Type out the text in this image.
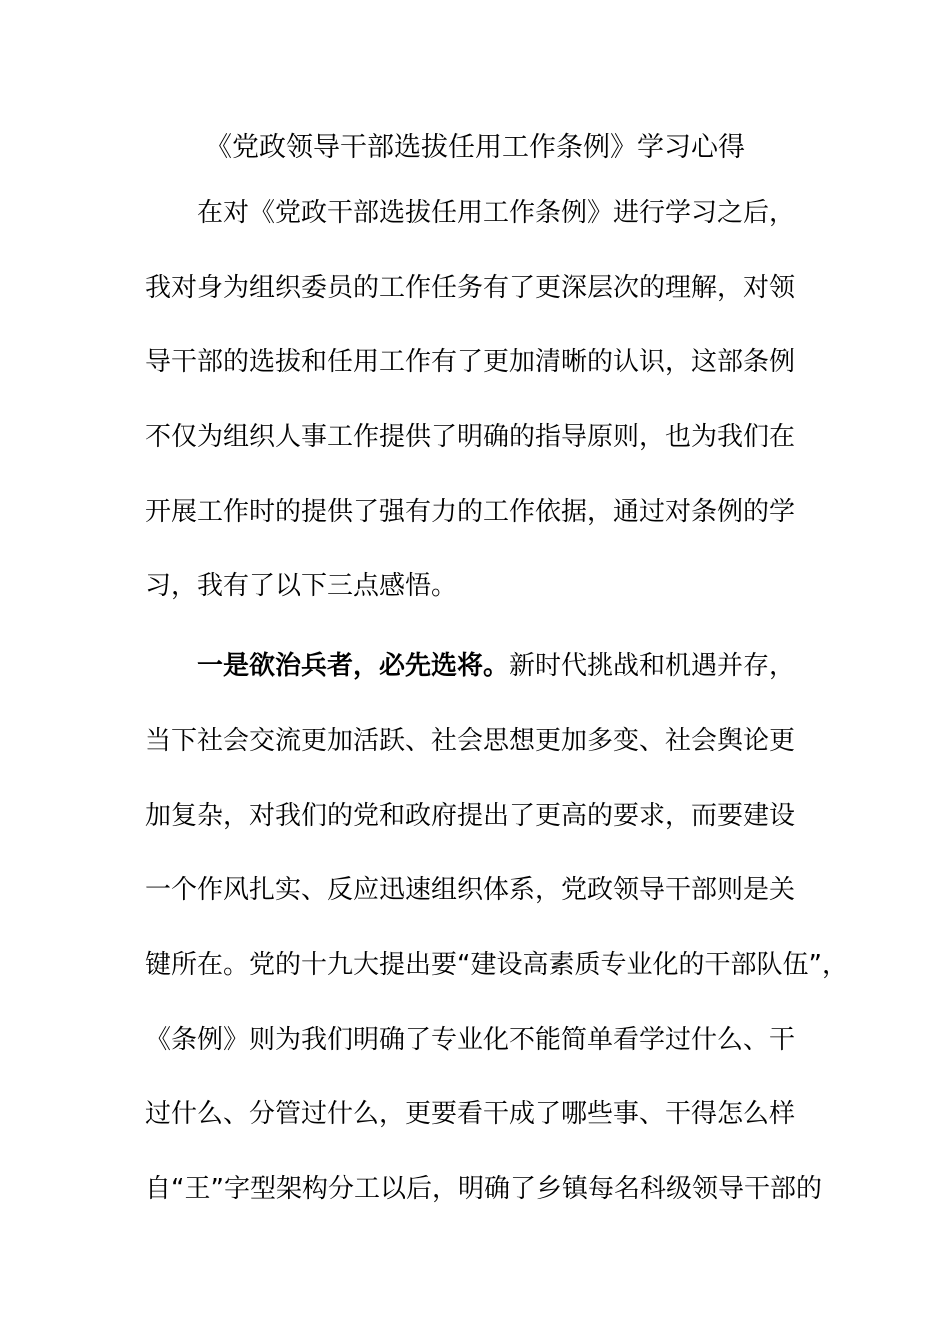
《党政领导干部选拔任用工作条例》学习心得
在对《党政干部选拔任用工作条例》进行学习之后，
我对身为组织委员的工作任务有了更深层次的理解，对领
导干部的选拔和任用工作有了更加清晰的认识，这部条例
不仅为组织人事工作提供了明确的指导原则，也为我们在
开展工作时的提供了强有力的工作依据，通过对条例的学
习，我有了以下三点感悟。
一是欲治兵者，必先选将。新时代挑战和机遇并存，
当下社会交流更加活跃、社会思想更加多变、社会舆论更
加复杂，对我们的党和政府提出了更高的要求，而要建设
一个作风扎实、反应迅速组织体系，党政领导干部则是关
键所在。党的十九大提出要“建设高素质专业化的干部队伍”，
《条例》则为我们明确了专业化不能简单看学过什么、干
过什么、分管过什么，更要看干成了哪些事、干得怎么样
自“王”字型架构分工以后，明确了乡镇每名科级领导干部的
